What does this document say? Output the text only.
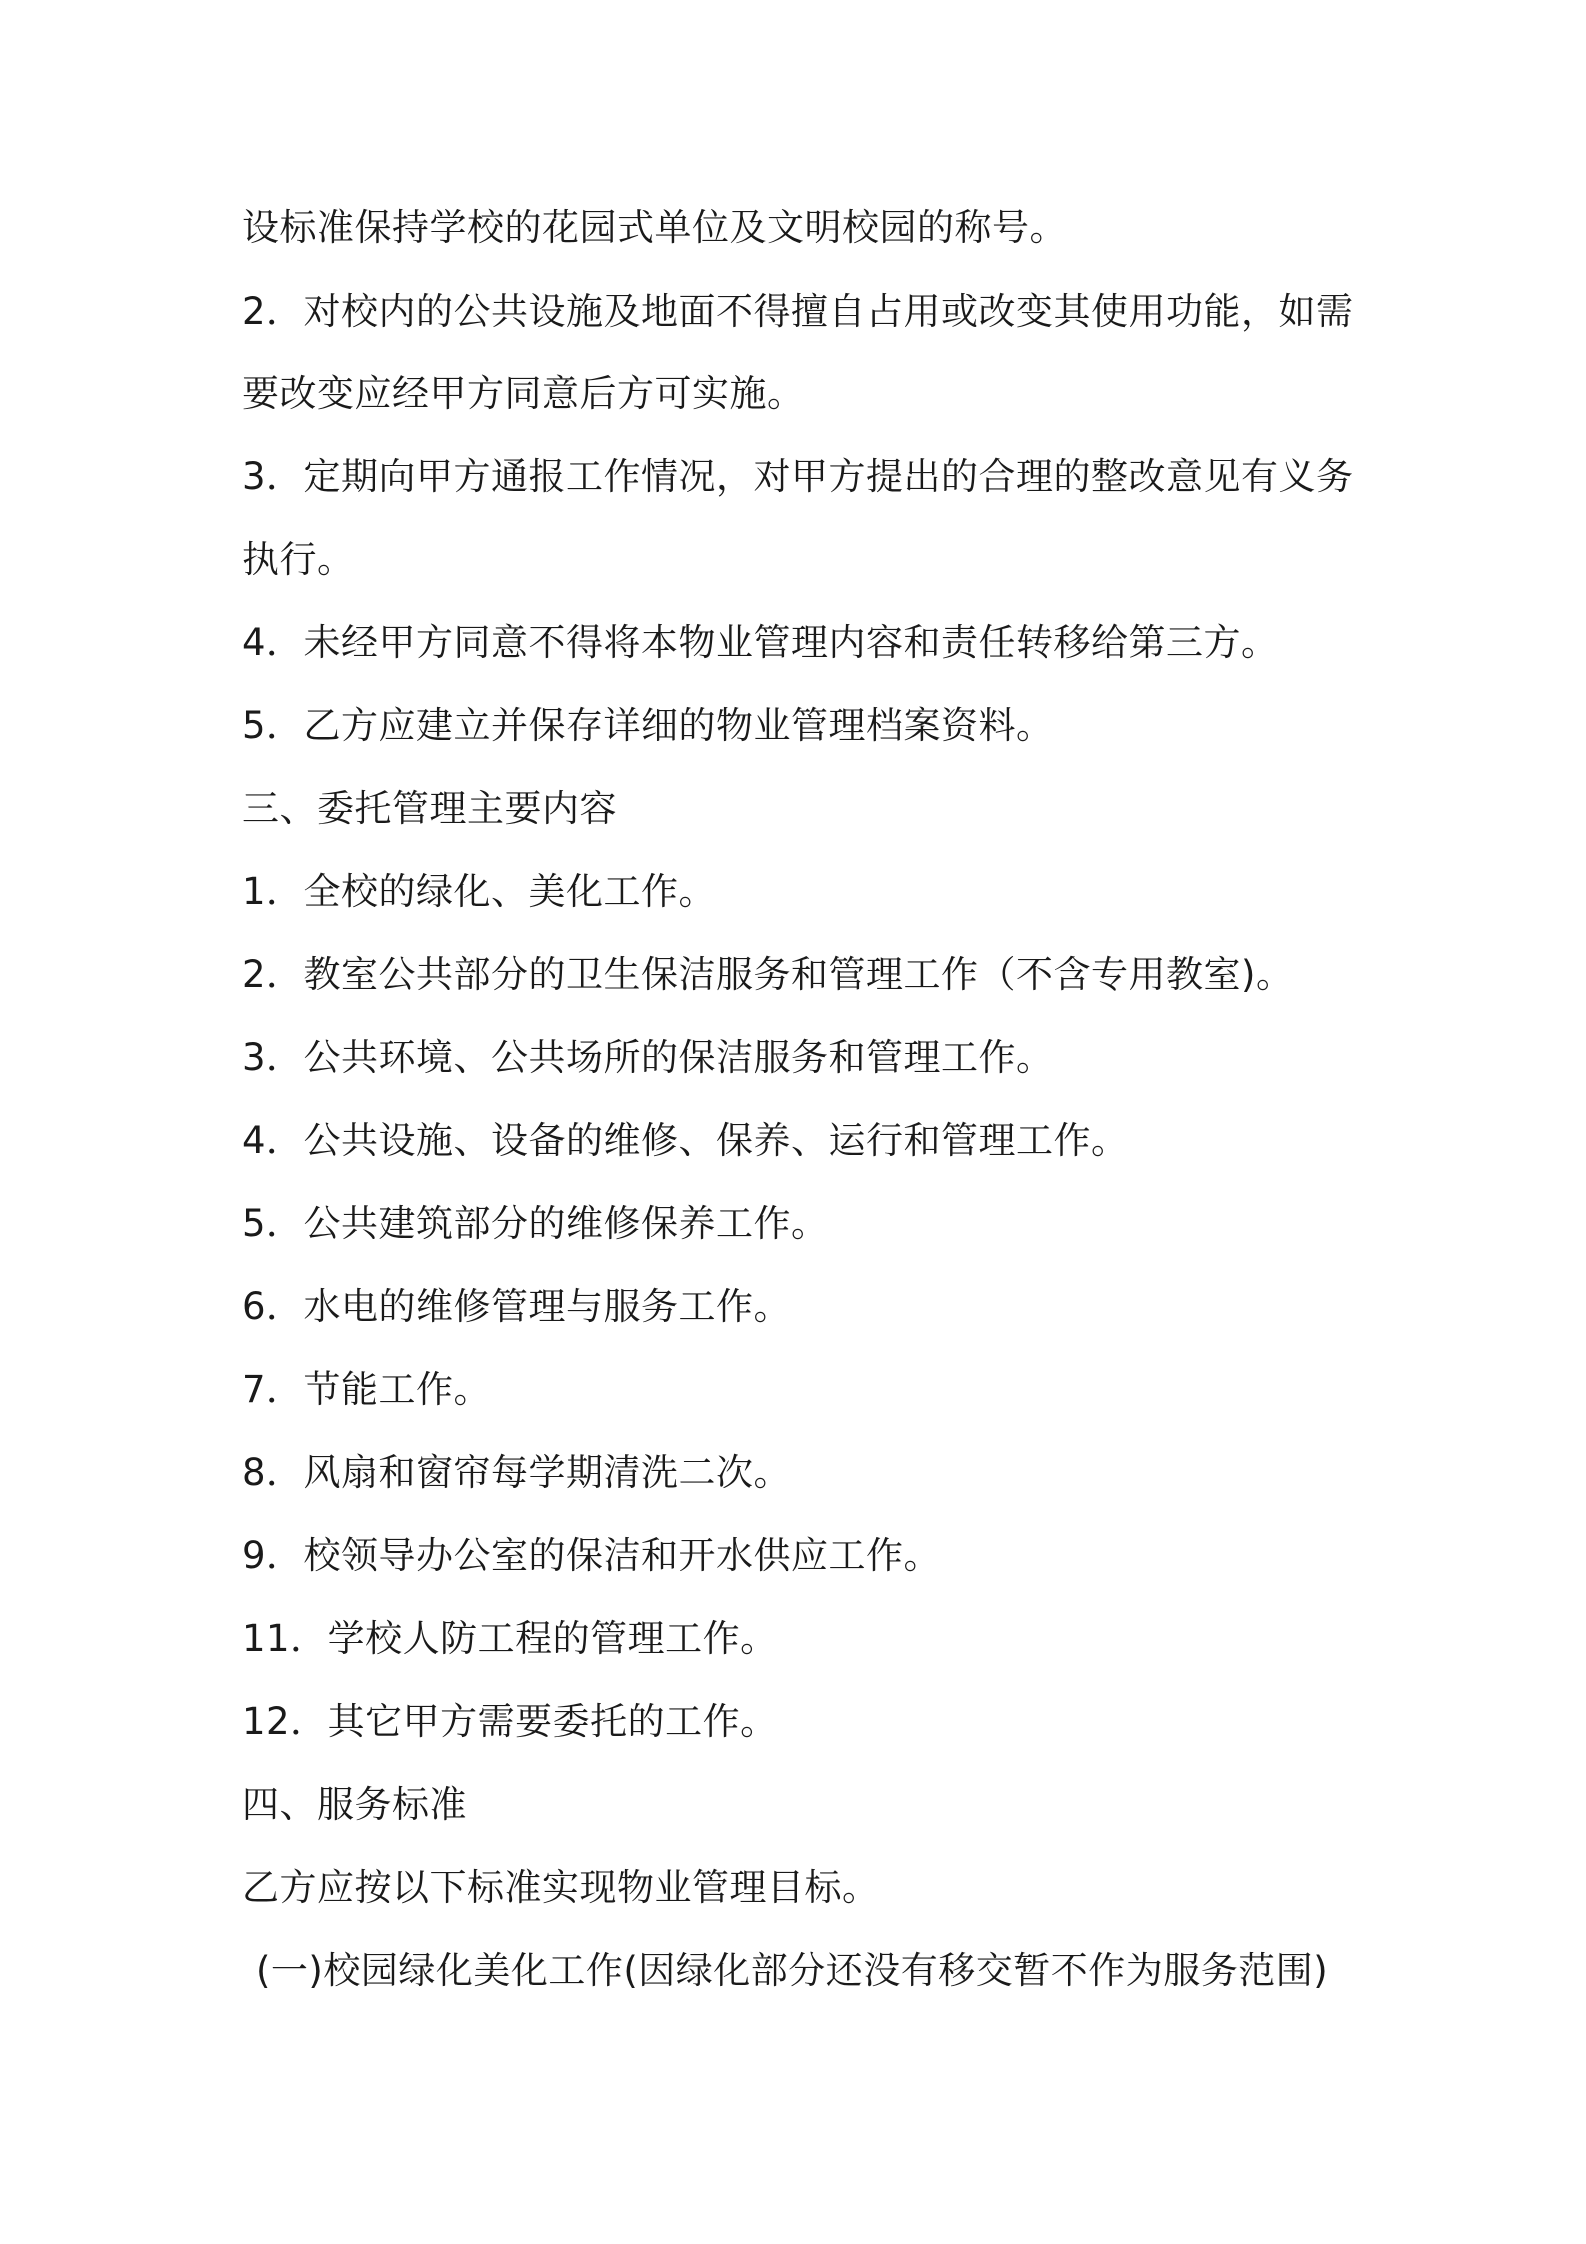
设标准保持学校的花园式单位及文明校园的称号。
2．对校内的公共设施及地面不得擅自占用或改变其使用功能，如需
要改变应经甲方同意后方可实施。
3．定期向甲方通报工作情况，对甲方提出的合理的整改意见有义务
执行。
4．未经甲方同意不得将本物业管理内容和责任转移给第三方。
5．乙方应建立并保存详细的物业管理档案资料。
三、委托管理主要内容
1．全校的绿化、美化工作。
2．教室公共部分的卫生保洁服务和管理工作（不含专用教室)。
3．公共环境、公共场所的保洁服务和管理工作。
4．公共设施、设备的维修、保养、运行和管理工作。
5．公共建筑部分的维修保养工作。
6．水电的维修管理与服务工作。
7．节能工作。
8．风扇和窗帘每学期清洗二次。
9．校领导办公室的保洁和开水供应工作。
11．学校人防工程的管理工作。
12．其它甲方需要委托的工作。
四、服务标准
乙方应按以下标准实现物业管理目标。
(一)校园绿化美化工作(因绿化部分还没有移交暂不作为服务范围)
